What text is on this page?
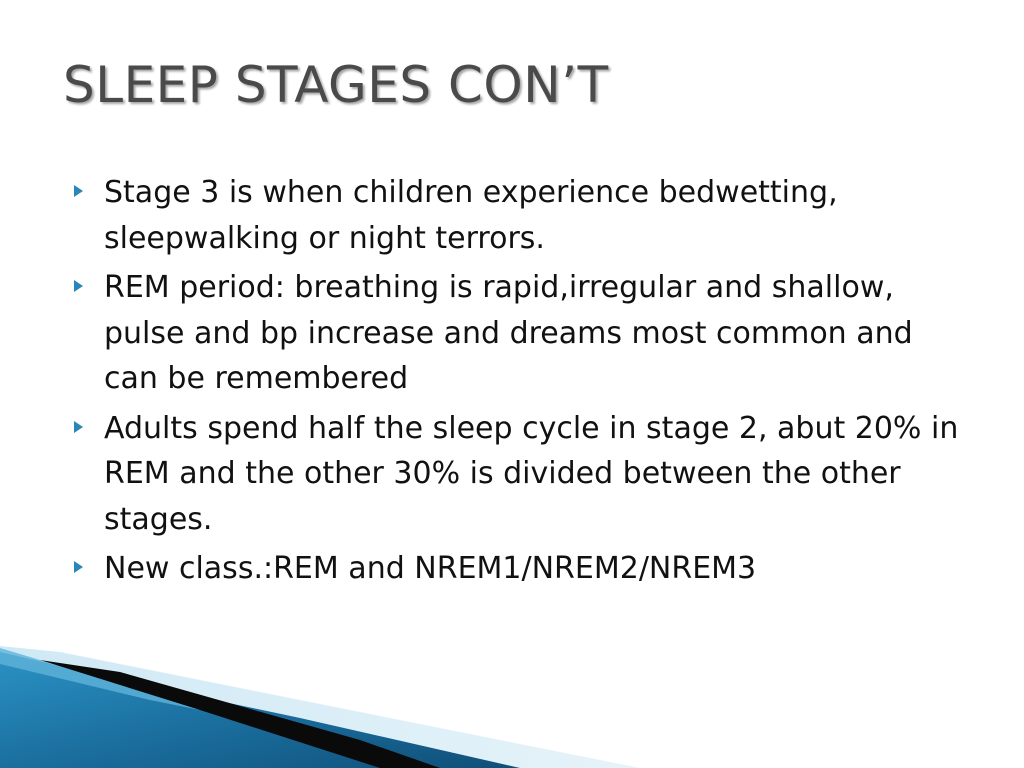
SLEEP STAGES CON’T
Stage 3 is when children experience bedwetting, sleepwalking or night terrors.
REM period: breathing is rapid,irregular and shallow, pulse and bp increase and dreams most common and can be remembered
Adults spend half the sleep cycle in stage 2, abut 20% in REM and the other 30% is divided between the other stages.
New class.:REM and NREM1/NREM2/NREM3
